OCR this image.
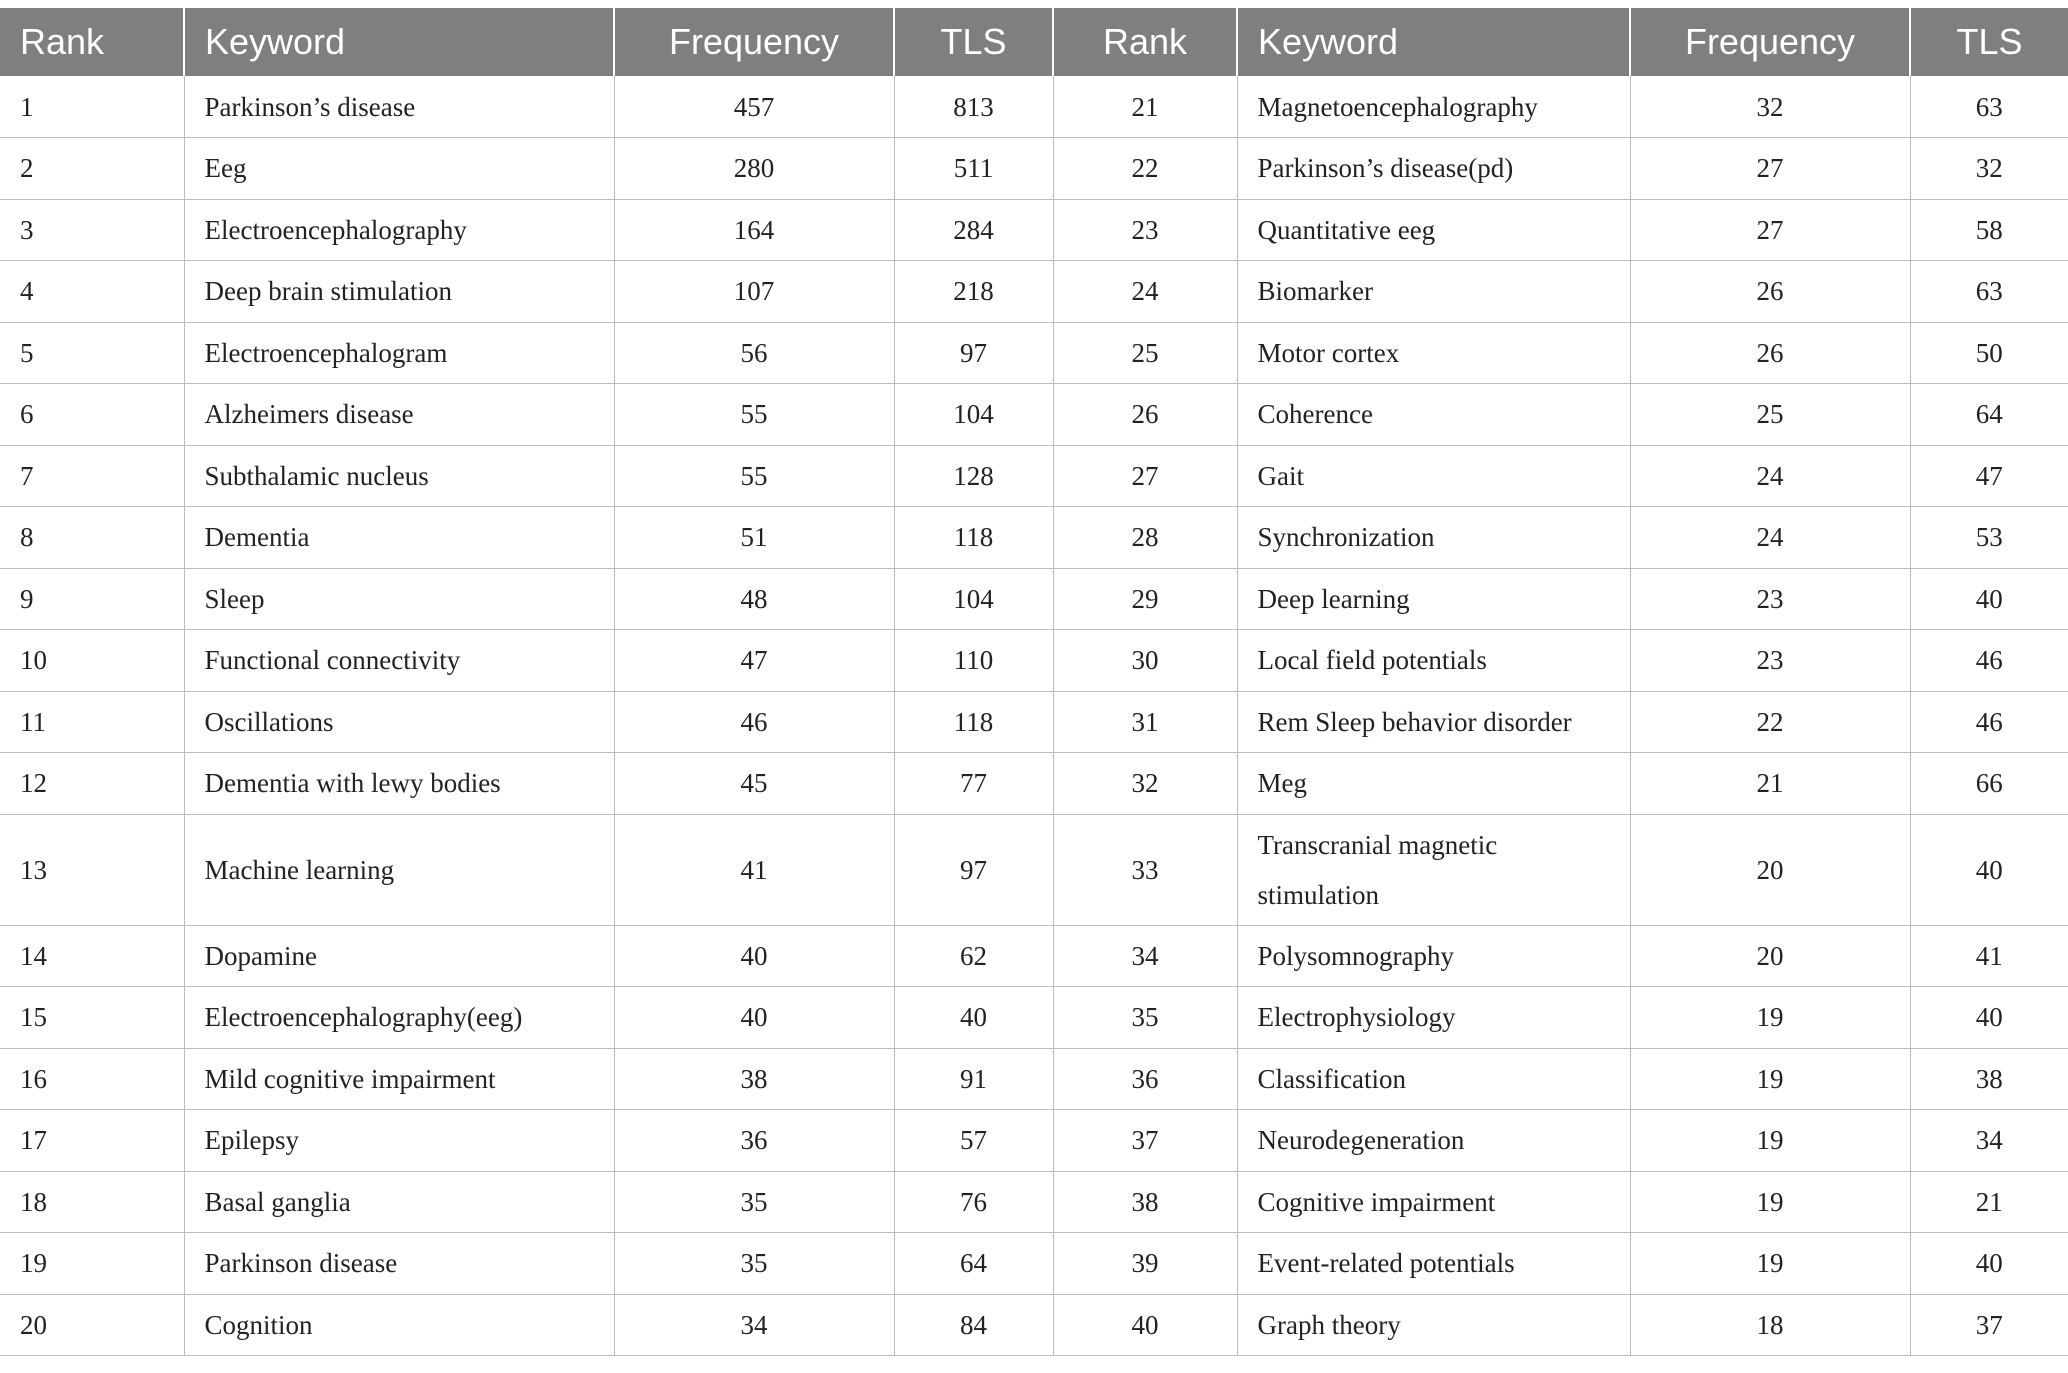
Rank	Keyword	Frequency	TLS	Rank	Keyword	Frequency	TLS
1	Parkinson’s disease	457	813	21	Magnetoencephalography	32	63
2	Eeg	280	511	22	Parkinson’s disease(pd)	27	32
3	Electroencephalography	164	284	23	Quantitative eeg	27	58
4	Deep brain stimulation	107	218	24	Biomarker	26	63
5	Electroencephalogram	56	97	25	Motor cortex	26	50
6	Alzheimers disease	55	104	26	Coherence	25	64
7	Subthalamic nucleus	55	128	27	Gait	24	47
8	Dementia	51	118	28	Synchronization	24	53
9	Sleep	48	104	29	Deep learning	23	40
10	Functional connectivity	47	110	30	Local field potentials	23	46
11	Oscillations	46	118	31	Rem Sleep behavior disorder	22	46
12	Dementia with lewy bodies	45	77	32	Meg	21	66
13	Machine learning	41	97	33	Transcranial magnetic stimulation	20	40
14	Dopamine	40	62	34	Polysomnography	20	41
15	Electroencephalography(eeg)	40	40	35	Electrophysiology	19	40
16	Mild cognitive impairment	38	91	36	Classification	19	38
17	Epilepsy	36	57	37	Neurodegeneration	19	34
18	Basal ganglia	35	76	38	Cognitive impairment	19	21
19	Parkinson disease	35	64	39	Event-related potentials	19	40
20	Cognition	34	84	40	Graph theory	18	37
